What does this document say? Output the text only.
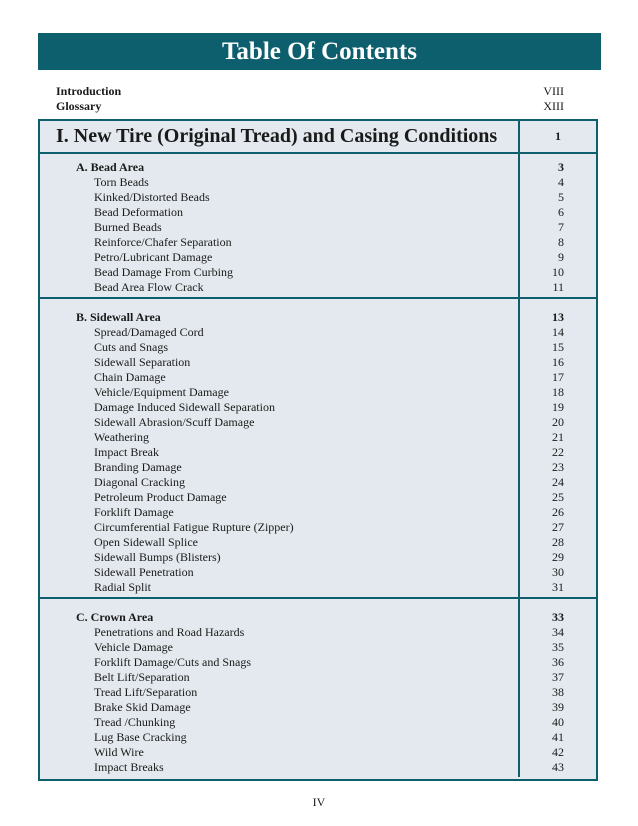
Table Of Contents
Introduction	VIII
Glossary	XIII
I. New Tire (Original Tread) and Casing Conditions	1
A. Bead Area	3
Torn Beads	4
Kinked/Distorted Beads	5
Bead Deformation	6
Burned Beads	7
Reinforce/Chafer Separation	8
Petro/Lubricant Damage	9
Bead Damage From Curbing	10
Bead Area Flow Crack	11
B. Sidewall Area	13
Spread/Damaged Cord	14
Cuts and Snags	15
Sidewall Separation	16
Chain Damage	17
Vehicle/Equipment Damage	18
Damage Induced Sidewall Separation	19
Sidewall Abrasion/Scuff Damage	20
Weathering	21
Impact Break	22
Branding Damage	23
Diagonal Cracking	24
Petroleum Product Damage	25
Forklift Damage	26
Circumferential Fatigue Rupture (Zipper)	27
Open Sidewall Splice	28
Sidewall Bumps (Blisters)	29
Sidewall Penetration	30
Radial Split	31
C. Crown Area	33
Penetrations and Road Hazards	34
Vehicle Damage	35
Forklift Damage/Cuts and Snags	36
Belt Lift/Separation	37
Tread Lift/Separation	38
Brake Skid Damage	39
Tread /Chunking	40
Lug Base Cracking	41
Wild Wire	42
Impact Breaks	43
IV
